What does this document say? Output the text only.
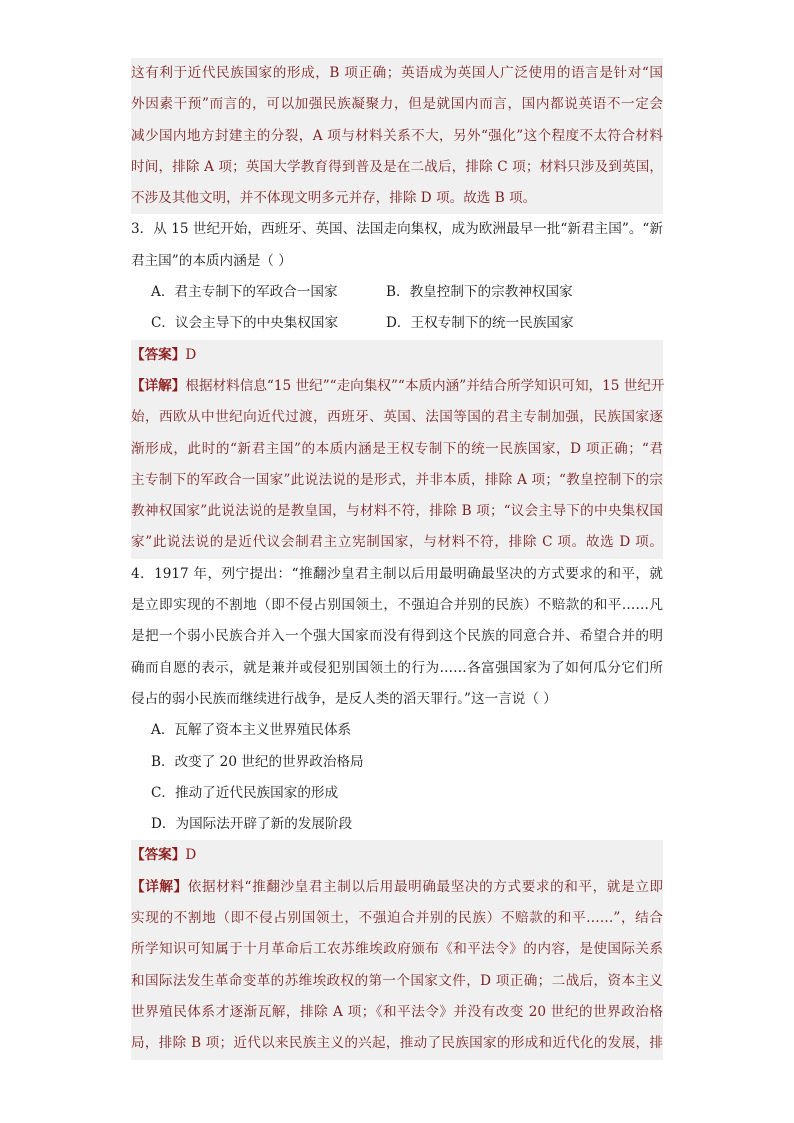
这有利于近代民族国家的形成，B 项正确；英语成为英国人广泛使用的语言是针对“国
外因素干预”而言的，可以加强民族凝聚力，但是就国内而言，国内都说英语不一定会
减少国内地方封建主的分裂，A 项与材料关系不大，另外“强化”这个程度不太符合材料
时间，排除 A 项；英国大学教育得到普及是在二战后，排除 C 项；材料只涉及到英国，
不涉及其他文明，并不体现文明多元并存，排除 D 项。故选 B 项。
3．从 15 世纪开始，西班牙、英国、法国走向集权，成为欧洲最早一批“新君主国”。“新
君主国”的本质内涵是（ ）
A．君主专制下的军政合一国家	B．教皇控制下的宗教神权国家
C．议会主导下的中央集权国家	D．王权专制下的统一民族国家
【答案】D
【详解】根据材料信息“15 世纪”“走向集权”“本质内涵”并结合所学知识可知，15 世纪开
始，西欧从中世纪向近代过渡，西班牙、英国、法国等国的君主专制加强，民族国家逐
渐形成，此时的“新君主国”的本质内涵是王权专制下的统一民族国家，D 项正确；“君
主专制下的军政合一国家”此说法说的是形式，并非本质，排除 A 项；“教皇控制下的宗
教神权国家”此说法说的是教皇国，与材料不符，排除 B 项；“议会主导下的中央集权国
家”此说法说的是近代议会制君主立宪制国家，与材料不符，排除 C 项。故选 D 项。
4．1917 年，列宁提出：“推翻沙皇君主制以后用最明确最坚决的方式要求的和平，就
是立即实现的不割地（即不侵占别国领土，不强迫合并别的民族）不赔款的和平……凡
是把一个弱小民族合并入一个强大国家而没有得到这个民族的同意合并、希望合并的明
确而自愿的表示，就是兼并或侵犯别国领土的行为……各富强国家为了如何瓜分它们所
侵占的弱小民族而继续进行战争，是反人类的滔天罪行。”这一言说（ ）
A．瓦解了资本主义世界殖民体系
B．改变了 20 世纪的世界政治格局
C．推动了近代民族国家的形成
D．为国际法开辟了新的发展阶段
【答案】D
【详解】依据材料“推翻沙皇君主制以后用最明确最坚决的方式要求的和平，就是立即
实现的不割地（即不侵占别国领土，不强迫合并别的民族）不赔款的和平……”，结合
所学知识可知属于十月革命后工农苏维埃政府颁布《和平法令》的内容，是使国际关系
和国际法发生革命变革的苏维埃政权的第一个国家文件，D 项正确；二战后，资本主义
世界殖民体系才逐渐瓦解，排除 A 项；《和平法令》并没有改变 20 世纪的世界政治格
局，排除 B 项；近代以来民族主义的兴起，推动了民族国家的形成和近代化的发展，排
